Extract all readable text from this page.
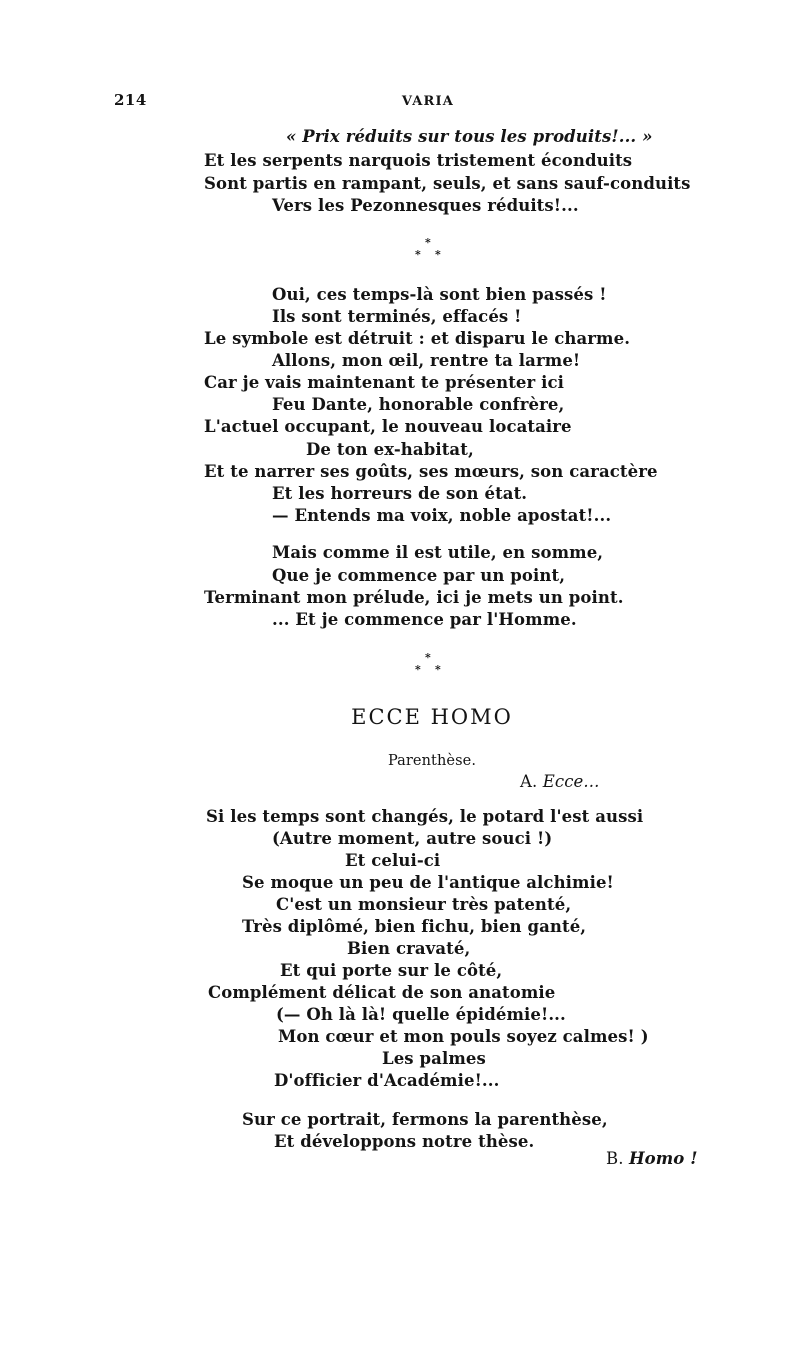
214	VARIA
« Prix réduits sur tous les produits!... »
Et les serpents narquois tristement éconduits
Sont partis en rampant, seuls, et sans sauf-conduits
Vers les Pezonnesques réduits!...
*
* *
Oui, ces temps-là sont bien passés !
Ils sont terminés, effacés !
Le symbole est détruit : et disparu le charme.
Allons, mon œil, rentre ta larme!
Car je vais maintenant te présenter ici
Feu Dante, honorable confrère,
L'actuel occupant, le nouveau locataire
De ton ex-habitat,
Et te narrer ses goûts, ses mœurs, son caractère
Et les horreurs de son état.
— Entends ma voix, noble apostat!...
Mais comme il est utile, en somme,
Que je commence par un point,
Terminant mon prélude, ici je mets un point.
... Et je commence par l'Homme.
*
* *
ECCE HOMO
Parenthèse.
A. Ecce...
Si les temps sont changés, le potard l'est aussi
(Autre moment, autre souci !)
Et celui-ci
Se moque un peu de l'antique alchimie!
C'est un monsieur très patenté,
Très diplômé, bien fichu, bien ganté,
Bien cravaté,
Et qui porte sur le côté,
Complément délicat de son anatomie
(— Oh là là! quelle épidémie!...
Mon cœur et mon pouls soyez calmes! )
Les palmes
D'officier d'Académie!...
Sur ce portrait, fermons la parenthèse,
Et développons notre thèse.
B. Homo !
